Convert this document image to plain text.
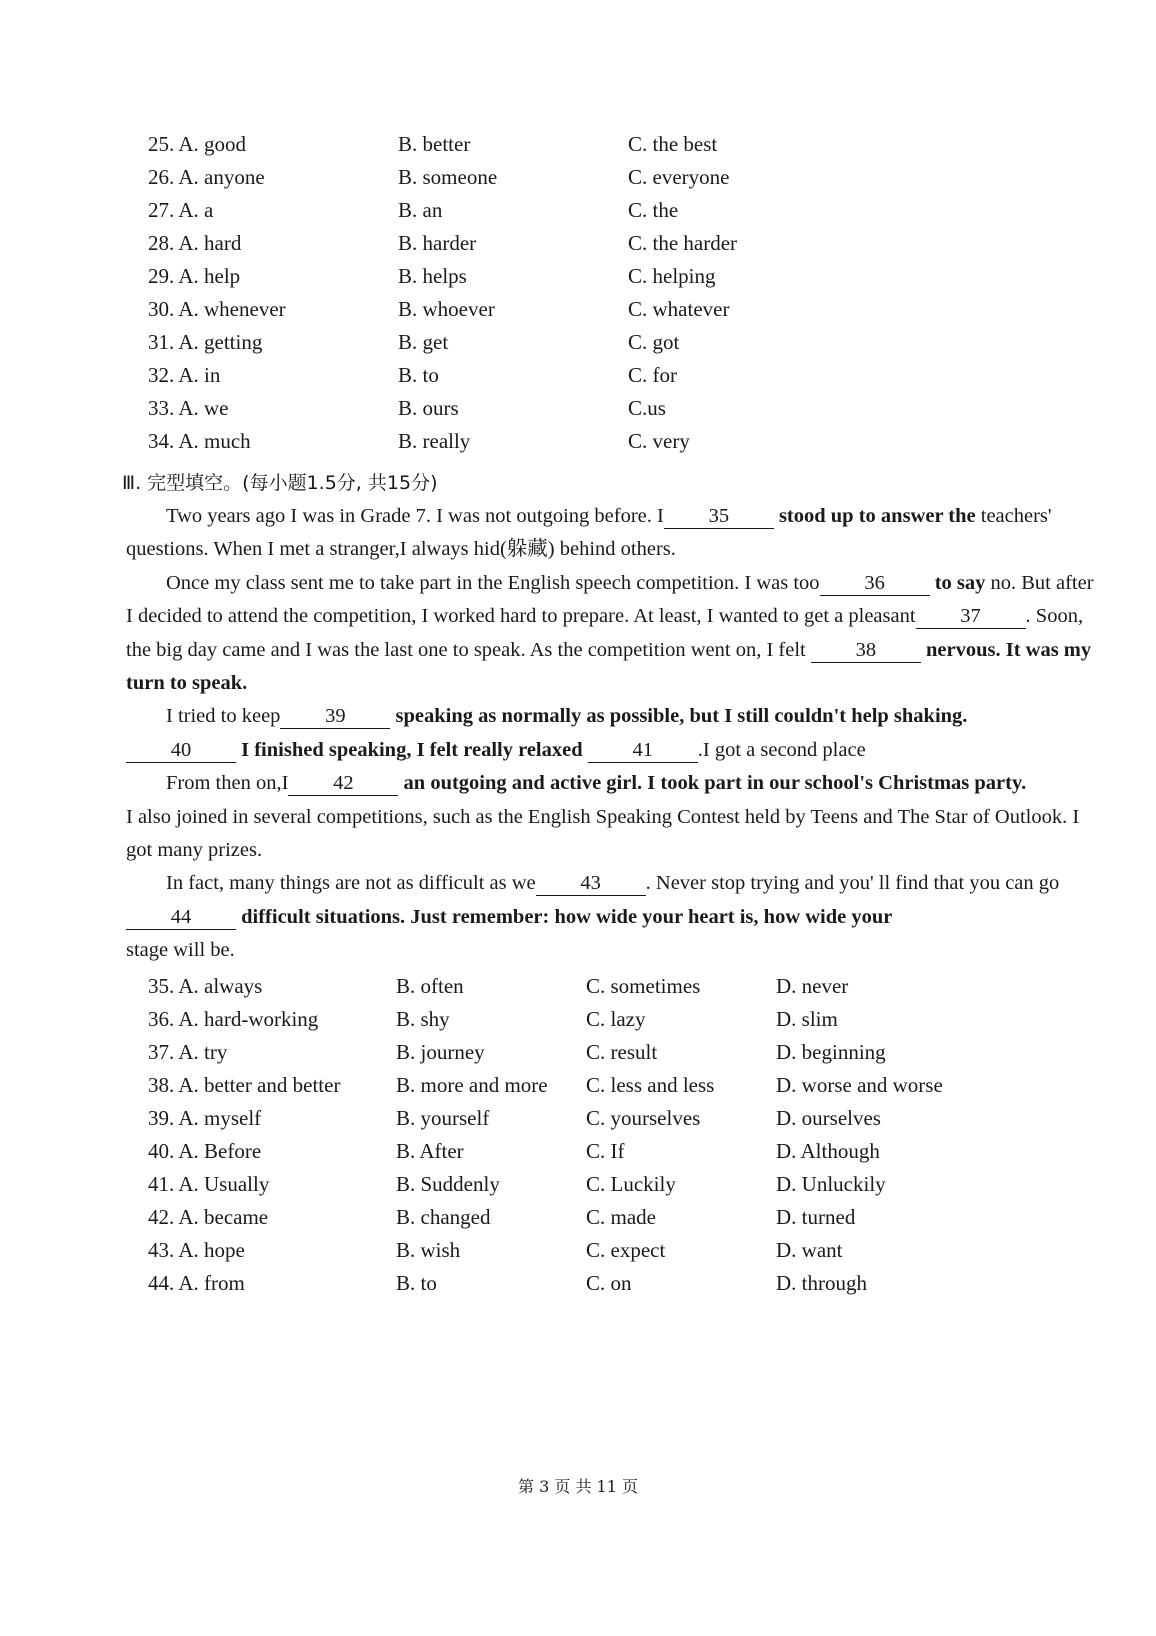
25. A. good	B. better	C. the best
26. A. anyone	B. someone	C. everyone
27. A. a	B. an	C. the
28. A. hard	B. harder	C. the harder
29. A. help	B. helps	C. helping
30. A. whenever	B. whoever	C. whatever
31. A. getting	B. get	C. got
32. A. in	B. to	C. for
33. A. we	B. ours	C.us
34. A. much	B. really	C. very
Ⅲ. 完型填空。(每小题1.5分, 共15分)

Two years ago I was in Grade 7. I was not outgoing before. I 35 stood up to answer the teachers' questions. When I met a stranger,I always hid(躲藏) behind others.

Once my class sent me to take part in the English speech competition. I was too 36 to say no. But after I decided to attend the competition, I worked hard to prepare. At least, I wanted to get a pleasant 37 . Soon, the big day came and I was the last one to speak. As the competition went on, I felt 38 nervous. It was my turn to speak.

I tried to keep 39 speaking as normally as possible, but I still couldn't help shaking.

40 I finished speaking, I felt really relaxed 41 .I got a second place

From then on,I 42 an outgoing and active girl. I took part in our school's Christmas party.

I also joined in several competitions, such as the English Speaking Contest held by Teens and The Star of Outlook. I got many prizes.

In fact, many things are not as difficult as we 43 . Never stop trying and you' ll find that you can go44 difficult situations. Just remember: how wide your heart is, how wide your

stage will be.

35. A. always	B. often	C. sometimes	D. never
36. A. hard-working	B. shy	C. lazy	D. slim
37. A. try	B. journey	C. result	D. beginning
38. A. better and better	B. more and more	C. less and less	D. worse and worse
39. A. myself	B. yourself	C. yourselves	D. ourselves
40. A. Before	B. After	C. If	D. Although
41. A. Usually	B. Suddenly	C. Luckily	D. Unluckily
42. A. became	B. changed	C. made	D. turned
43. A. hope	B. wish	C. expect	D. want
44. A. from	B. to	C. on	D. through
第 3 页 共 11 页
